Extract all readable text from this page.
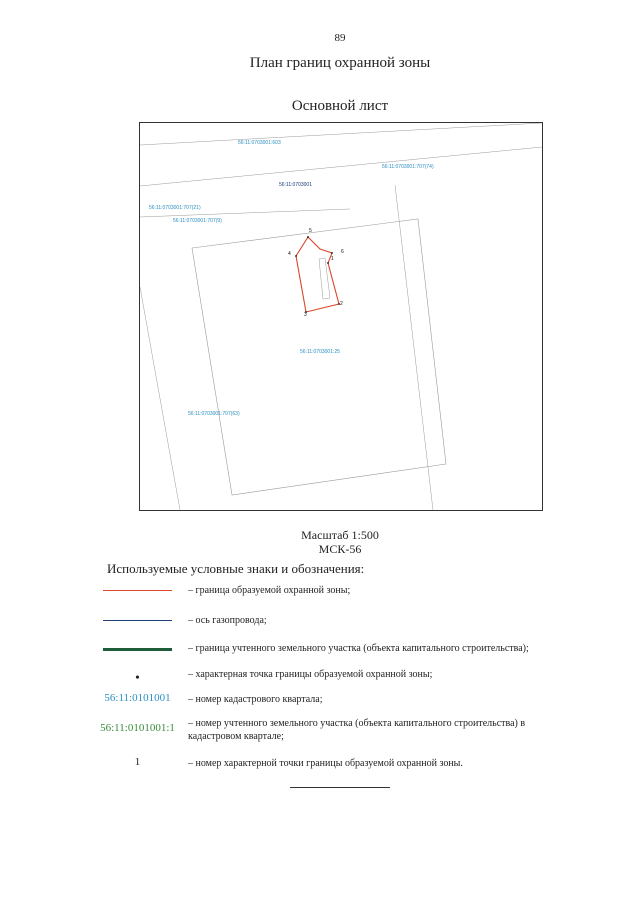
89
План границ охранной зоны
Основной лист
56:11:0703001:603
56:11:0703001:707(74)
56:11:0703001
56:11:0703001:707(21)
56:11:0703001:707(9)
56:11:0703001:25
56:11:0703001:707(63)
1
2
3
4
5
6
Масштаб 1:500
МСК-56
Используемые условные знаки и обозначения:
– граница образуемой охранной зоны;
– ось газопровода;
– граница учтенного земельного участка (объекта капитального строительства);
•	– характерная точка границы образуемой охранной зоны;
56:11:0101001	– номер кадастрового квартала;
56:11:0101001:1 – номер учтенного земельного участка (объекта капитального строительства) в кадастровом квартале;
1	– номер характерной точки границы образуемой охранной зоны.
